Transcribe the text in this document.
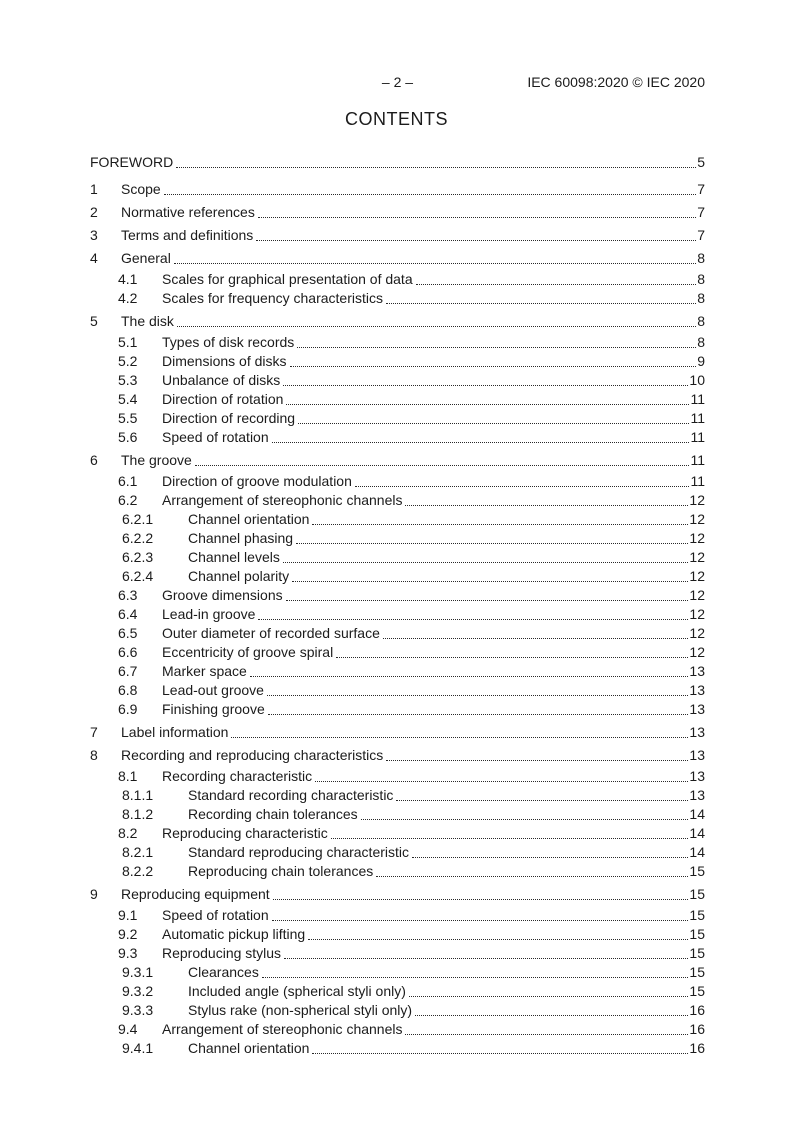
– 2 –	IEC 60098:2020 © IEC 2020
CONTENTS
FOREWORD	5
1	Scope	7
2	Normative references	7
3	Terms and definitions	7
4	General	8
4.1	Scales for graphical presentation of data	8
4.2	Scales for frequency characteristics	8
5	The disk	8
5.1	Types of disk records	8
5.2	Dimensions of disks	9
5.3	Unbalance of disks	10
5.4	Direction of rotation	11
5.5	Direction of recording	11
5.6	Speed of rotation	11
6	The groove	11
6.1	Direction of groove modulation	11
6.2	Arrangement of stereophonic channels	12
6.2.1	Channel orientation	12
6.2.2	Channel phasing	12
6.2.3	Channel levels	12
6.2.4	Channel polarity	12
6.3	Groove dimensions	12
6.4	Lead-in groove	12
6.5	Outer diameter of recorded surface	12
6.6	Eccentricity of groove spiral	12
6.7	Marker space	13
6.8	Lead-out groove	13
6.9	Finishing groove	13
7	Label information	13
8	Recording and reproducing characteristics	13
8.1	Recording characteristic	13
8.1.1	Standard recording characteristic	13
8.1.2	Recording chain tolerances	14
8.2	Reproducing characteristic	14
8.2.1	Standard reproducing characteristic	14
8.2.2	Reproducing chain tolerances	15
9	Reproducing equipment	15
9.1	Speed of rotation	15
9.2	Automatic pickup lifting	15
9.3	Reproducing stylus	15
9.3.1	Clearances	15
9.3.2	Included angle (spherical styli only)	15
9.3.3	Stylus rake (non-spherical styli only)	16
9.4	Arrangement of stereophonic channels	16
9.4.1	Channel orientation	16
